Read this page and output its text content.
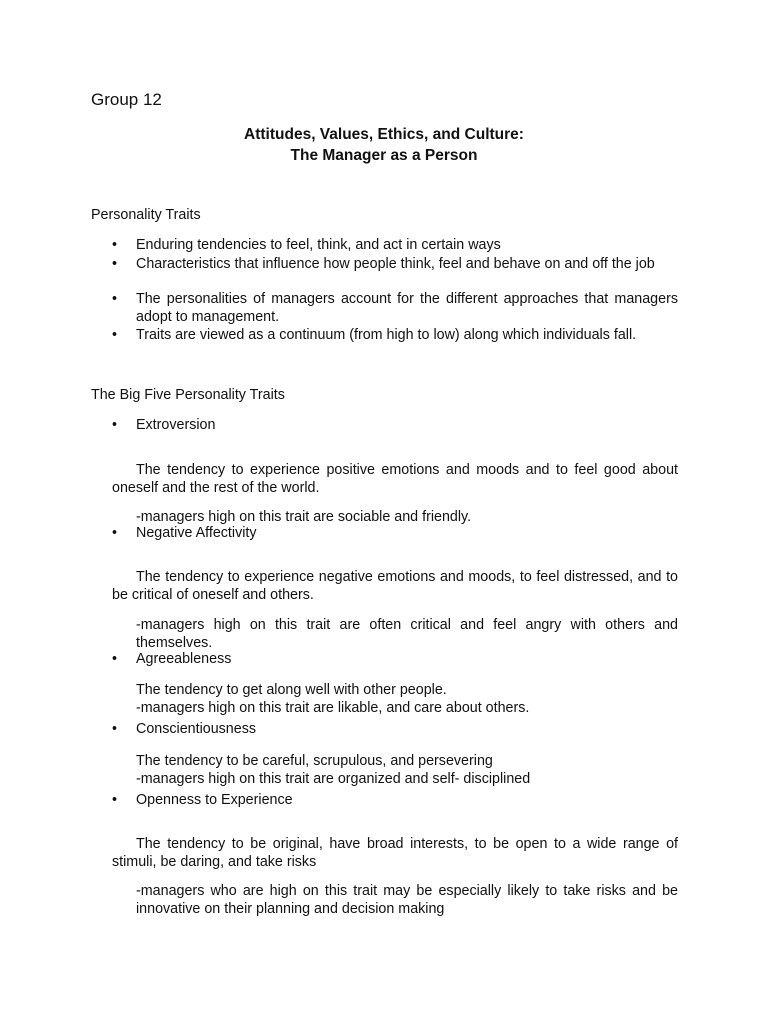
Group 12

Attitudes, Values, Ethics, and Culture:
The Manager as a Person

Personality Traits

•	Enduring tendencies to feel, think, and act in certain ways
•	Characteristics that influence how people think, feel and behave on and off the job
•	The personalities of managers account for the different approaches that managers adopt to management.
•	Traits are viewed as a continuum (from high to low) along which individuals fall.

The Big Five Personality Traits

•	Extroversion

The tendency to experience positive emotions and moods and to feel good about oneself and the rest of the world.

-managers high on this trait are sociable and friendly.

•	Negative Affectivity

The tendency to experience negative emotions and moods, to feel distressed, and to be critical of oneself and others.

-managers high on this trait are often critical and feel angry with others and themselves.

•	Agreeableness

The tendency to get along well with other people.

-managers high on this trait are likable, and care about others.

•	Conscientiousness

The tendency to be careful, scrupulous, and persevering

-managers high on this trait are organized and self- disciplined

•	Openness to Experience

The tendency to be original, have broad interests, to be open to a wide range of stimuli, be daring, and take risks

-managers who are high on this trait may be especially likely to take risks and be innovative on their planning and decision making
